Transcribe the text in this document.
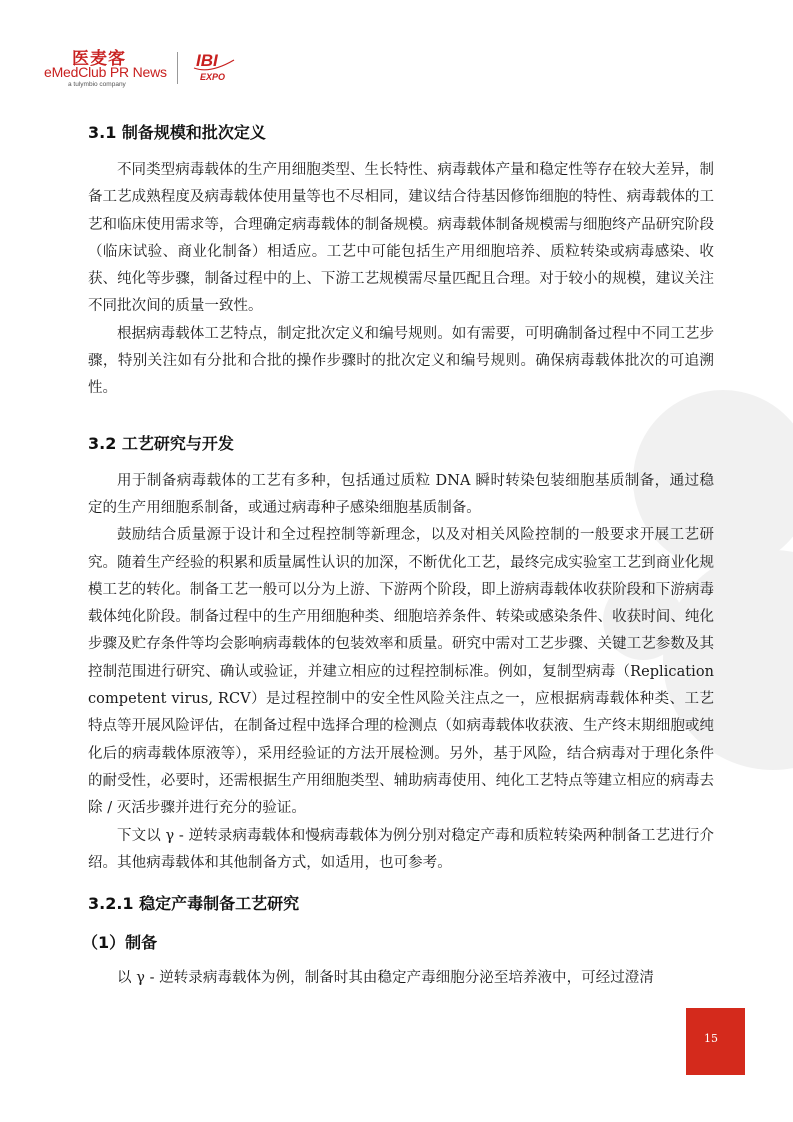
医麦客
eMedClub PR News
a tulymbio company
IBI
EXPO
3.1 制备规模和批次定义

不同类型病毒载体的生产用细胞类型、生长特性、病毒载体产量和稳定性等存在较大差异，制备工艺成熟程度及病毒载体使用量等也不尽相同，建议结合待基因修饰细胞的特性、病毒载体的工艺和临床使用需求等，合理确定病毒载体的制备规模。病毒载体制备规模需与细胞终产品研究阶段（临床试验、商业化制备）相适应。工艺中可能包括生产用细胞培养、质粒转染或病毒感染、收获、纯化等步骤，制备过程中的上、下游工艺规模需尽量匹配且合理。对于较小的规模，建议关注不同批次间的质量一致性。

根据病毒载体工艺特点，制定批次定义和编号规则。如有需要，可明确制备过程中不同工艺步骤，特别关注如有分批和合批的操作步骤时的批次定义和编号规则。确保病毒载体批次的可追溯性。

3.2 工艺研究与开发

用于制备病毒载体的工艺有多种，包括通过质粒 DNA 瞬时转染包装细胞基质制备，通过稳定的生产用细胞系制备，或通过病毒种子感染细胞基质制备。

鼓励结合质量源于设计和全过程控制等新理念，以及对相关风险控制的一般要求开展工艺研究。随着生产经验的积累和质量属性认识的加深，不断优化工艺，最终完成实验室工艺到商业化规模工艺的转化。制备工艺一般可以分为上游、下游两个阶段，即上游病毒载体收获阶段和下游病毒载体纯化阶段。制备过程中的生产用细胞种类、细胞培养条件、转染或感染条件、收获时间、纯化步骤及贮存条件等均会影响病毒载体的包装效率和质量。研究中需对工艺步骤、关键工艺参数及其控制范围进行研究、确认或验证，并建立相应的过程控制标准。例如，复制型病毒（Replication competent virus, RCV）是过程控制中的安全性风险关注点之一，应根据病毒载体种类、工艺特点等开展风险评估，在制备过程中选择合理的检测点（如病毒载体收获液、生产终末期细胞或纯化后的病毒载体原液等），采用经验证的方法开展检测。另外，基于风险，结合病毒对于理化条件的耐受性，必要时，还需根据生产用细胞类型、辅助病毒使用、纯化工艺特点等建立相应的病毒去除 / 灭活步骤并进行充分的验证。

下文以 γ - 逆转录病毒载体和慢病毒载体为例分别对稳定产毒和质粒转染两种制备工艺进行介绍。其他病毒载体和其他制备方式，如适用，也可参考。

3.2.1 稳定产毒制备工艺研究
（1）制备

以 γ - 逆转录病毒载体为例，制备时其由稳定产毒细胞分泌至培养液中，可经过澄清

15
